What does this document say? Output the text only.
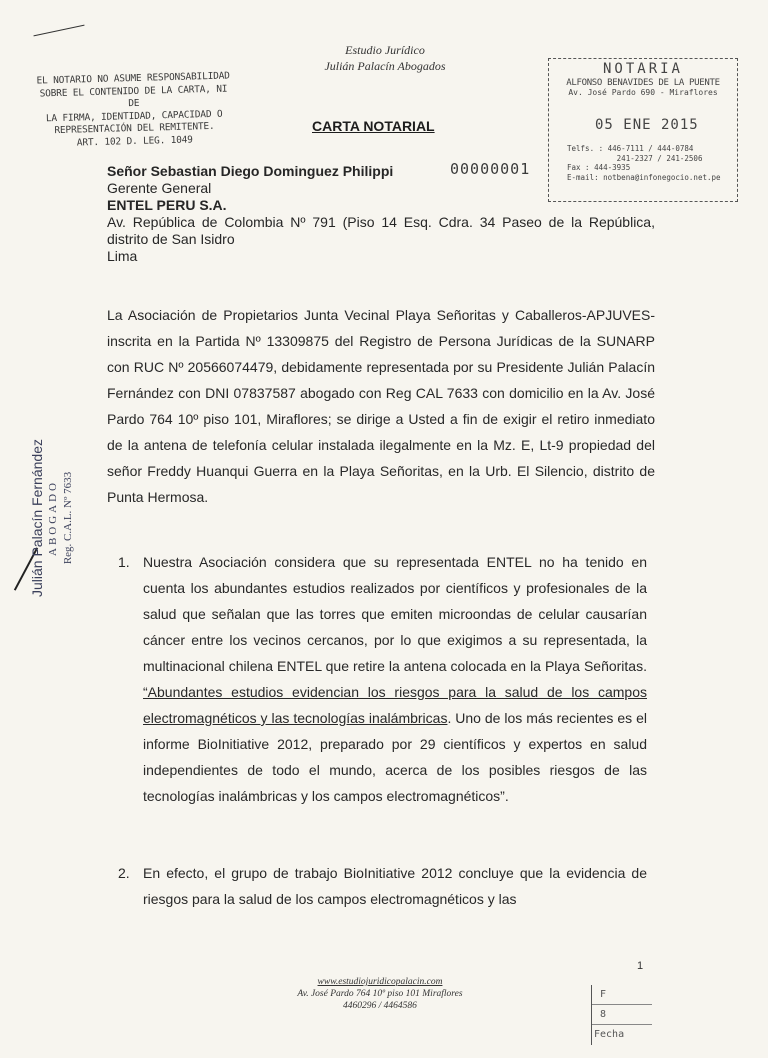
Estudio Jurídico
Julián Palacín Abogados
EL NOTARIO NO ASUME RESPONSABILIDAD
SOBRE EL CONTENIDO DE LA CARTA, NI DE
LA FIRMA, IDENTIDAD, CAPACIDAD O
REPRESENTACIÓN DEL REMITENTE.
ART. 102 D. LEG. 1049
CARTA NOTARIAL
00000001
NOTARIA
ALFONSO BENAVIDES DE LA PUENTE
Av. José Pardo 690 - Miraflores
05 ENE 2015
Telfs. : 446-7111 / 444-0784
241-2327 / 241-2506
Fax : 444-3935
E-mail: notbena@infonegocio.net.pe
Señor Sebastian Diego Dominguez Philippi
Gerente General
ENTEL PERU S.A.
Av. República de Colombia Nº 791 (Piso 14 Esq. Cdra. 34 Paseo de la República, distrito de San Isidro
Lima
La Asociación de Propietarios Junta Vecinal Playa Señoritas y Caballeros-APJUVES- inscrita en la Partida Nº 13309875 del Registro de Persona Jurídicas de la SUNARP con RUC Nº 20566074479, debidamente representada por su Presidente Julián Palacín Fernández con DNI 07837587 abogado con Reg CAL 7633 con domicilio en la Av. José Pardo 764 10º piso 101, Miraflores; se dirige a Usted a fin de exigir el retiro inmediato de la antena de telefonía celular instalada ilegalmente en la Mz. E, Lt-9 propiedad del señor Freddy Huanqui Guerra en la Playa Señoritas, en la Urb. El Silencio, distrito de Punta Hermosa.
1. Nuestra Asociación considera que su representada ENTEL no ha tenido en cuenta los abundantes estudios realizados por científicos y profesionales de la salud que señalan que las torres que emiten microondas de celular causarían cáncer entre los vecinos cercanos, por lo que exigimos a su representada, la multinacional chilena ENTEL que retire la antena colocada en la Playa Señoritas. “Abundantes estudios evidencian los riesgos para la salud de los campos electromagnéticos y las tecnologías inalámbricas. Uno de los más recientes es el informe BioInitiative 2012, preparado por 29 científicos y expertos en salud independientes de todo el mundo, acerca de los posibles riesgos de las tecnologías inalámbricas y los campos electromagnéticos”.
2. En efecto, el grupo de trabajo BioInitiative 2012 concluye que la evidencia de riesgos para la salud de los campos electromagnéticos y las
Julián Palacín Fernández ABOGADO Reg. C.A.L. Nº 7633
1
www.estudiojuridicopalacin.com
Av. José Pardo 764 10º piso 101 Miraflores
4460296 / 4464586
F
8
Fecha
